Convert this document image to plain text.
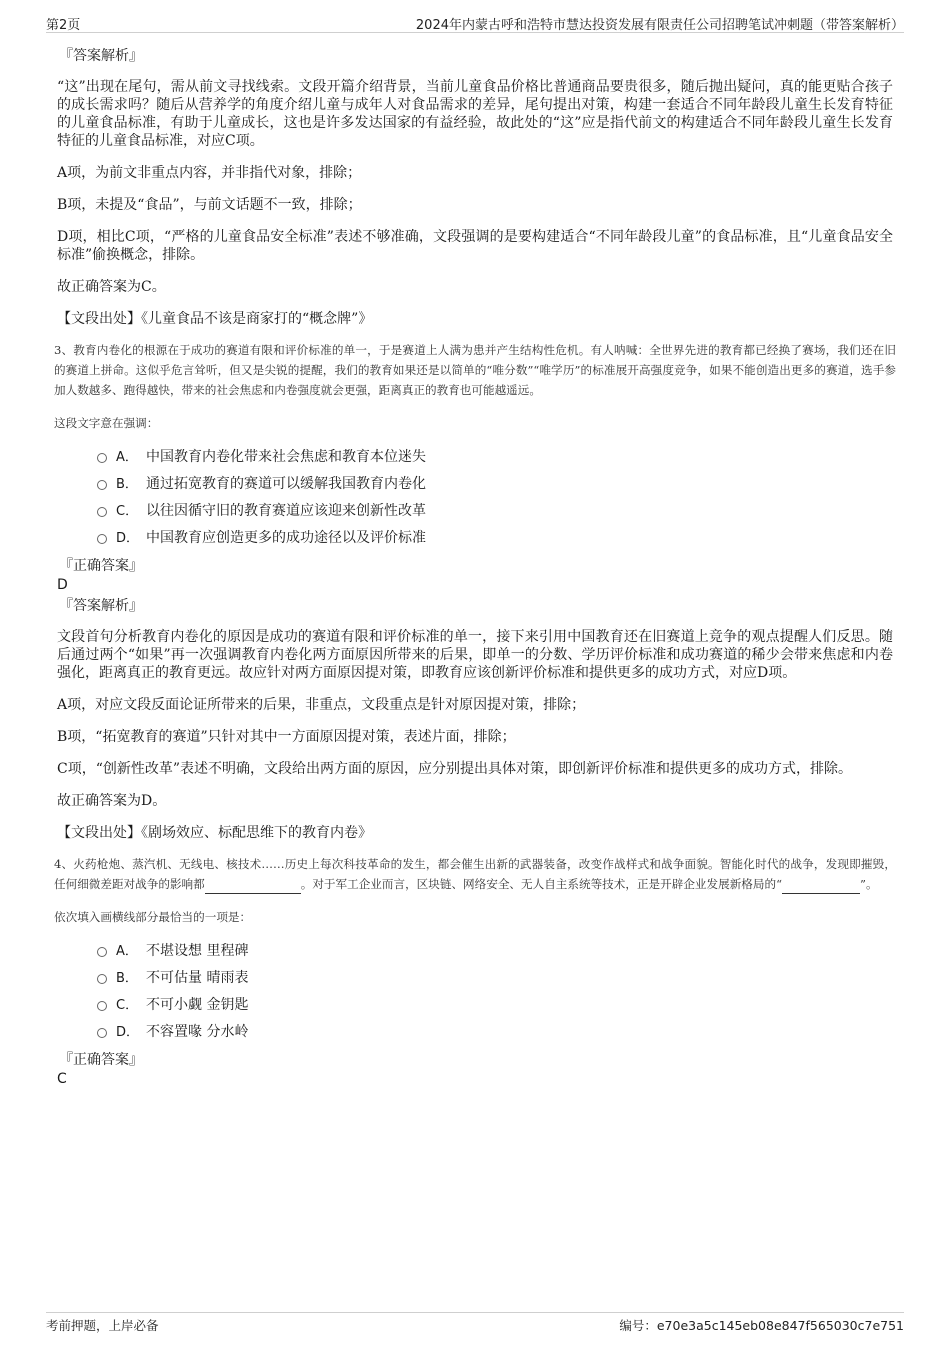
第2页	2024年内蒙古呼和浩特市慧达投资发展有限责任公司招聘笔试冲刺题（带答案解析）
『答案解析』

“这”出现在尾句，需从前文寻找线索。文段开篇介绍背景，当前儿童食品价格比普通商品要贵很多，随后抛出疑问，真的能更贴合孩子的成长需求吗？随后从营养学的角度介绍儿童与成年人对食品需求的差异，尾句提出对策，构建一套适合不同年龄段儿童生长发育特征的儿童食品标准，有助于儿童成长，这也是许多发达国家的有益经验，故此处的“这”应是指代前文的构建适合不同年龄段儿童生长发育特征的儿童食品标准，对应C项。

A项，为前文非重点内容，并非指代对象，排除；

B项，未提及“食品”，与前文话题不一致，排除；

D项，相比C项，“严格的儿童食品安全标准”表述不够准确，文段强调的是要构建适合“不同年龄段儿童”的食品标准，且“儿童食品安全标准”偷换概念，排除。

故正确答案为C。

【文段出处】《儿童食品不该是商家打的“概念牌”》

3、教育内卷化的根源在于成功的赛道有限和评价标准的单一，于是赛道上人满为患并产生结构性危机。有人呐喊：全世界先进的教育都已经换了赛场，我们还在旧的赛道上拼命。这似乎危言耸听，但又是尖锐的提醒，我们的教育如果还是以简单的“唯分数”“唯学历”的标准展开高强度竞争，如果不能创造出更多的赛道，选手参加人数越多、跑得越快，带来的社会焦虑和内卷强度就会更强，距离真正的教育也可能越遥远。

这段文字意在强调：

A． 中国教育内卷化带来社会焦虑和教育本位迷失
B． 通过拓宽教育的赛道可以缓解我国教育内卷化
C． 以往因循守旧的教育赛道应该迎来创新性改革
D． 中国教育应创造更多的成功途径以及评价标准
『正确答案』

D

『答案解析』

文段首句分析教育内卷化的原因是成功的赛道有限和评价标准的单一，接下来引用中国教育还在旧赛道上竞争的观点提醒人们反思。随后通过两个“如果”再一次强调教育内卷化两方面原因所带来的后果，即单一的分数、学历评价标准和成功赛道的稀少会带来焦虑和内卷强化，距离真正的教育更远。故应针对两方面原因提对策，即教育应该创新评价标准和提供更多的成功方式，对应D项。

A项，对应文段反面论证所带来的后果，非重点，文段重点是针对原因提对策，排除；

B项，“拓宽教育的赛道”只针对其中一方面原因提对策，表述片面，排除；

C项，“创新性改革”表述不明确，文段给出两方面的原因，应分别提出具体对策，即创新评价标准和提供更多的成功方式，排除。

故正确答案为D。

【文段出处】《剧场效应、标配思维下的教育内卷》

4、火药枪炮、蒸汽机、无线电、核技术……历史上每次科技革命的发生，都会催生出新的武器装备，改变作战样式和战争面貌。智能化时代的战争，发现即摧毁，任何细微差距对战争的影响都	。对于军工企业而言，区块链、网络安全、无人自主系统等技术，正是开辟企业发展新格局的“	”。

依次填入画横线部分最恰当的一项是：

A． 不堪设想 里程碑
B． 不可估量 晴雨表
C． 不可小觑 金钥匙
D． 不容置喙 分水岭
『正确答案』

C

考前押题，上岸必备	编号：e70e3a5c145eb08e847f565030c7e751
